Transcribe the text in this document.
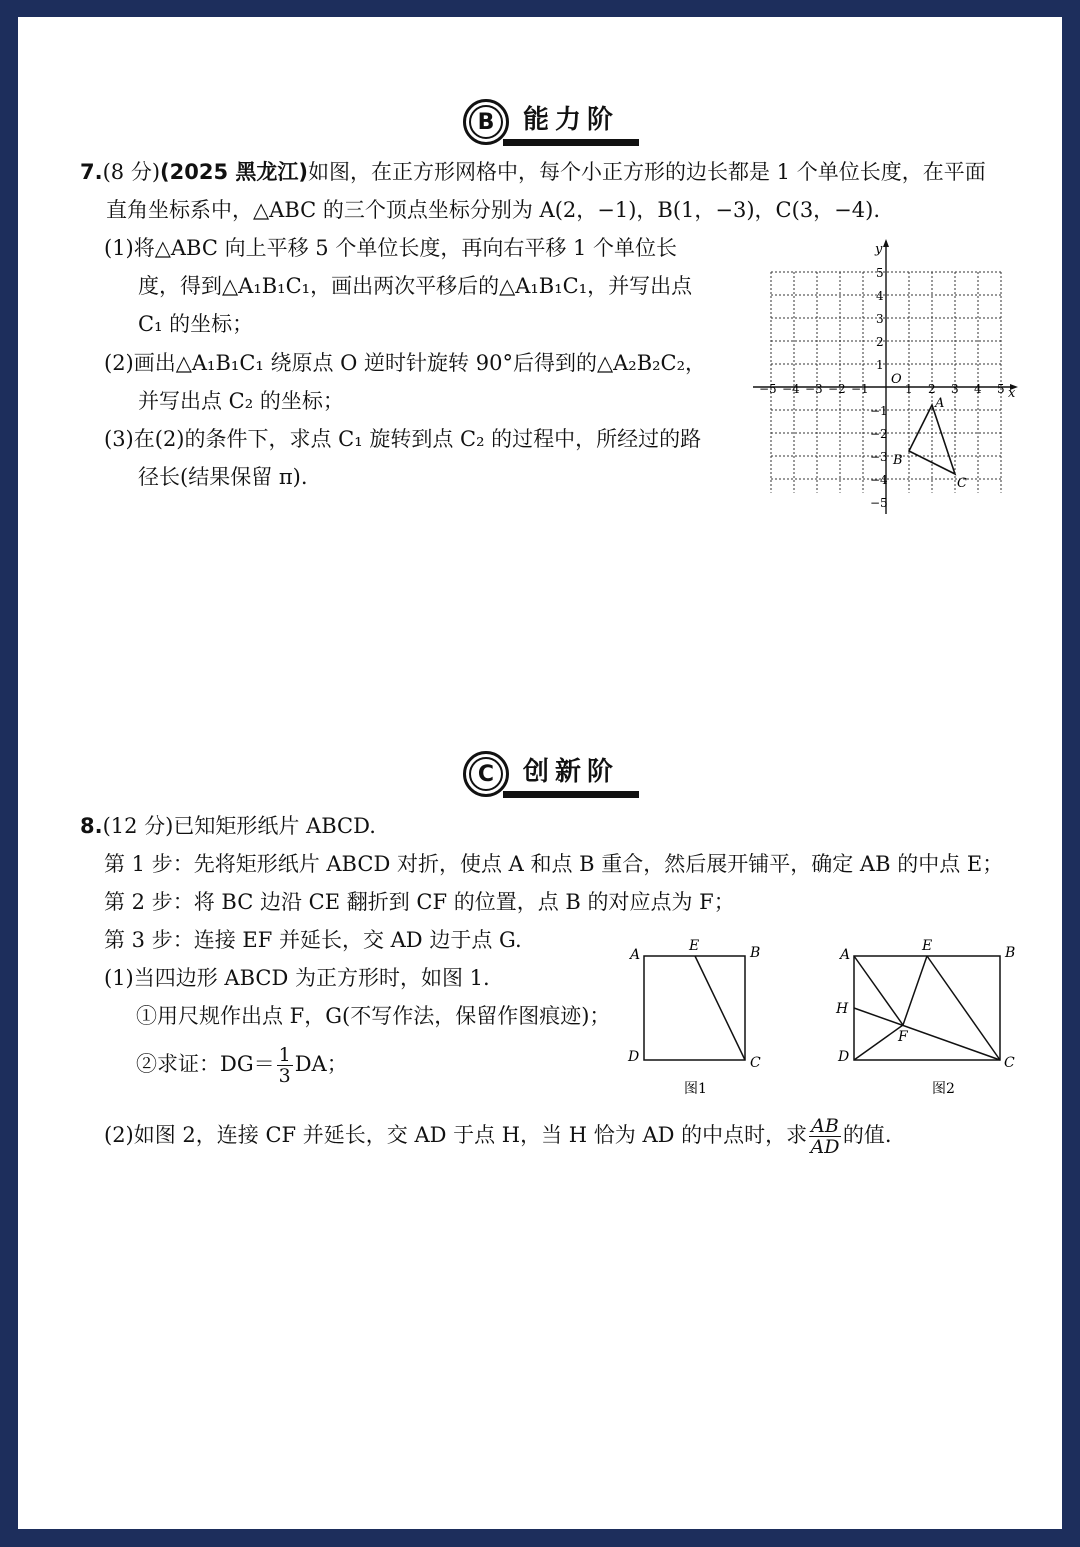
B	能力阶
7.(8 分)(2025 黑龙江)如图，在正方形网格中，每个小正方形的边长都是 1 个单位长度，在平面
直角坐标系中，△ABC 的三个顶点坐标分别为 A(2，−1)，B(1，−3)，C(3，−4).
(1)将△ABC 向上平移 5 个单位长度，再向右平移 1 个单位长
度，得到△A₁B₁C₁，画出两次平移后的△A₁B₁C₁，并写出点
C₁ 的坐标；
(2)画出△A₁B₁C₁ 绕原点 O 逆时针旋转 90°后得到的△A₂B₂C₂，
并写出点 C₂ 的坐标；
(3)在(2)的条件下，求点 C₁ 旋转到点 C₂ 的过程中，所经过的路
径长(结果保留 π).
x
y
O
−5 −4 −3 −2 −1	1 2 3 4 5
5
4
3
2
1
−1
−2
−3
−4
−5
A
B
C
C	创新阶
8.(12 分)已知矩形纸片 ABCD.
第 1 步：先将矩形纸片 ABCD 对折，使点 A 和点 B 重合，然后展开铺平，确定 AB 的中点 E；
第 2 步：将 BC 边沿 CE 翻折到 CF 的位置，点 B 的对应点为 F；
第 3 步：连接 EF 并延长，交 AD 边于点 G.
(1)当四边形 ABCD 为正方形时，如图 1.
①用尺规作出点 F，G(不写作法，保留作图痕迹)；
②求证：$DG= \frac{1}{3}$ DA；
(2)如图 2，连接 CF 并延长，交 AD 于点 H，当 H 恰为 AD 的中点时，求 $\frac{AB}{AD}$ 的值.
A
E	B
D	C
图1
A
E	B
H
F
D	C
图2
